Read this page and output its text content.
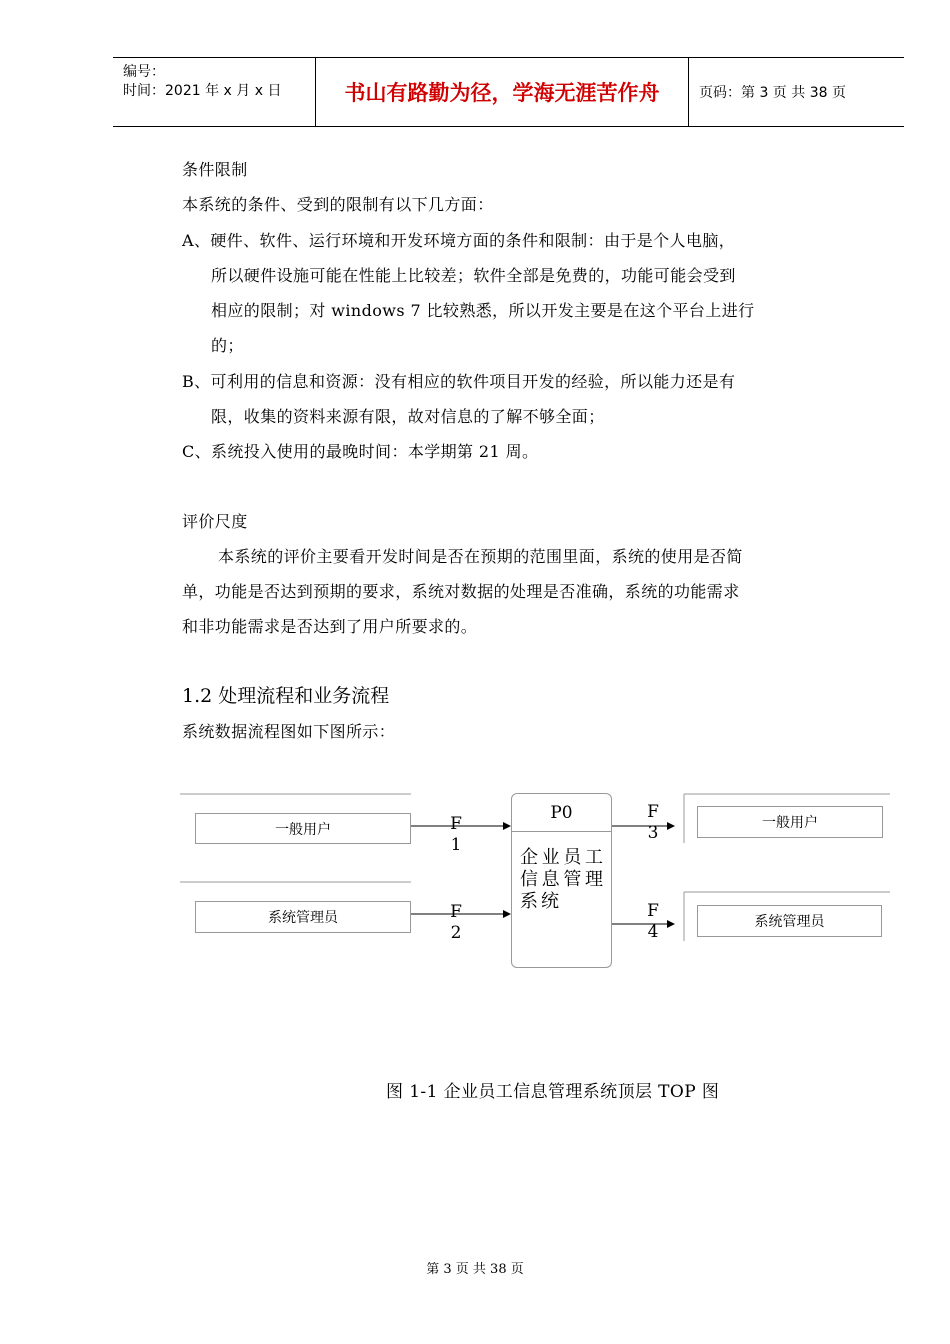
编号：
时间：2021 年 x 月 x 日	书山有路勤为径，学海无涯苦作舟	页码：第 3 页 共 38 页
条件限制
本系统的条件、受到的限制有以下几方面：
A、硬件、软件、运行环境和开发环境方面的条件和限制：由于是个人电脑，
所以硬件设施可能在性能上比较差；软件全部是免费的，功能可能会受到
相应的限制；对 windows 7 比较熟悉，所以开发主要是在这个平台上进行
的；
B、可利用的信息和资源：没有相应的软件项目开发的经验，所以能力还是有
限，收集的资料来源有限，故对信息的了解不够全面；
C、系统投入使用的最晚时间：本学期第 21 周。
评价尺度
本系统的评价主要看开发时间是否在预期的范围里面，系统的使用是否简
单，功能是否达到预期的要求，系统对数据的处理是否准确，系统的功能需求
和非功能需求是否达到了用户所要求的。
1.2 处理流程和业务流程
系统数据流程图如下图所示：
一般用户
系统管理员
一般用户
系统管理员
P0
企业员工信息管理系统
F
1
F
2
F
3
F
4
图 1-1 企业员工信息管理系统顶层 TOP 图
第 3 页 共 38 页
